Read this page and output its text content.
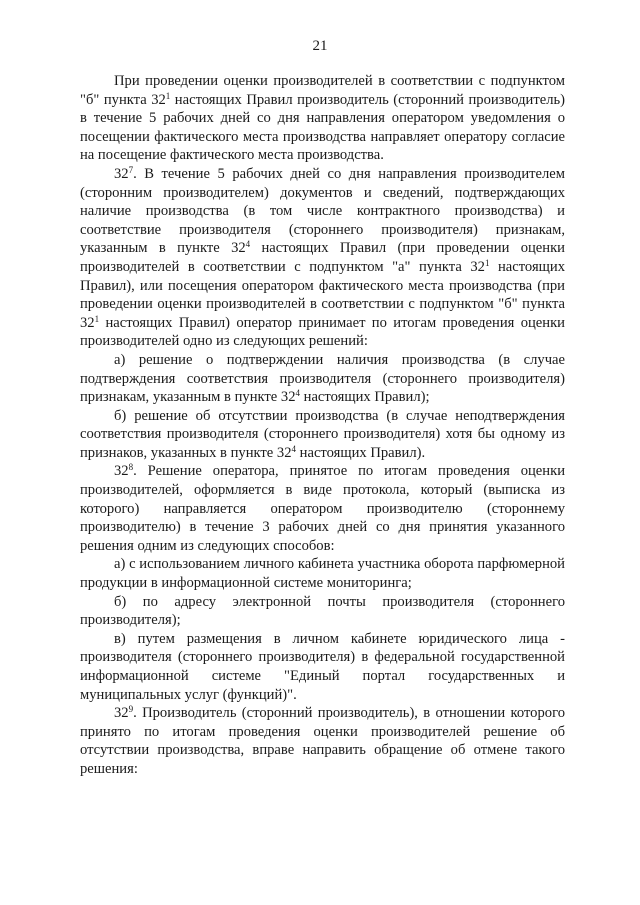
21

При проведении оценки производителей в соответствии с подпунктом "б" пункта $32^1$ настоящих Правил производитель (сторонний производитель) в течение 5 рабочих дней со дня направления оператором уведомления о посещении фактического места производства направляет оператору согласие на посещение фактического места производства.

$32^7$. В течение 5 рабочих дней со дня направления производителем (сторонним производителем) документов и сведений, подтверждающих наличие производства (в том числе контрактного производства) и соответствие производителя (стороннего производителя) признакам, указанным в пункте $32^4$ настоящих Правил (при проведении оценки производителей в соответствии с подпунктом "а" пункта $32^1$ настоящих Правил), или посещения оператором фактического места производства (при проведении оценки производителей в соответствии с подпунктом "б" пункта $32^1$ настоящих Правил) оператор принимает по итогам проведения оценки производителей одно из следующих решений:

а) решение о подтверждении наличия производства (в случае подтверждения соответствия производителя (стороннего производителя) признакам, указанным в пункте $32^4$ настоящих Правил);

б) решение об отсутствии производства (в случае неподтверждения соответствия производителя (стороннего производителя) хотя бы одному из признаков, указанных в пункте $32^4$ настоящих Правил).

$32^8$. Решение оператора, принятое по итогам проведения оценки производителей, оформляется в виде протокола, который (выписка из которого) направляется оператором производителю (стороннему производителю) в течение 3 рабочих дней со дня принятия указанного решения одним из следующих способов:

а) с использованием личного кабинета участника оборота парфюмерной продукции в информационной системе мониторинга;

б) по адресу электронной почты производителя (стороннего производителя);

в) путем размещения в личном кабинете юридического лица - производителя (стороннего производителя) в федеральной государственной информационной системе "Единый портал государственных и муниципальных услуг (функций)".

$32^9$. Производитель (сторонний производитель), в отношении которого принято по итогам проведения оценки производителей решение об отсутствии производства, вправе направить обращение об отмене такого решения:
